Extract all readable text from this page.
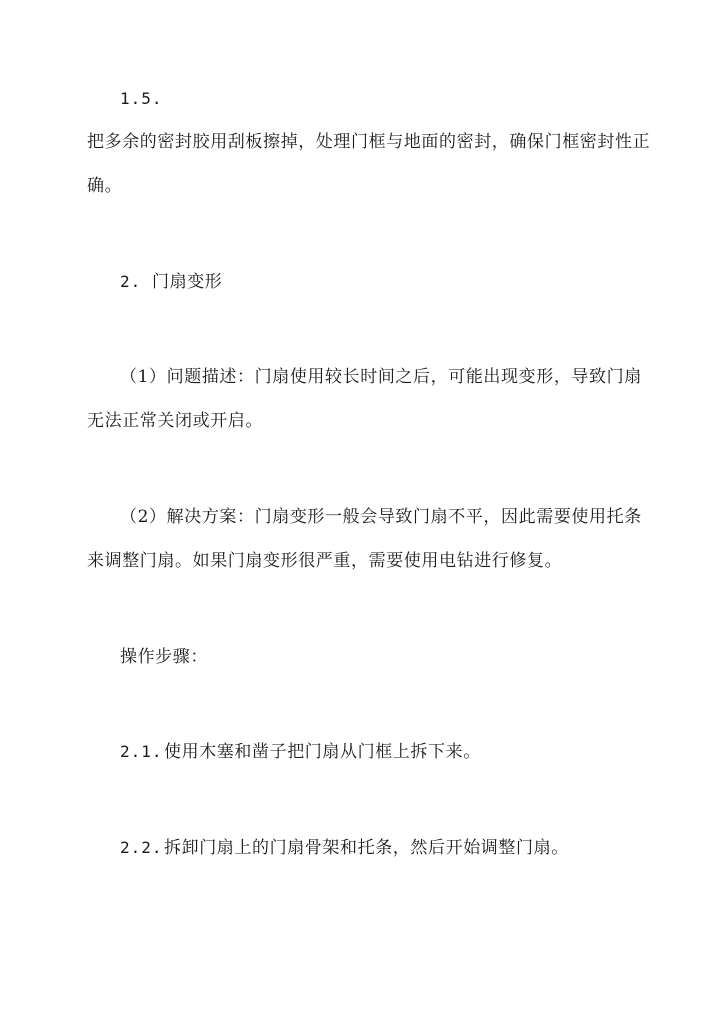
1.5.
把多余的密封胶用刮板擦掉，处理门框与地面的密封，确保门框密封性正
确。
2. 门扇变形
（1）问题描述：门扇使用较长时间之后，可能出现变形，导致门扇
无法正常关闭或开启。
（2）解决方案：门扇变形一般会导致门扇不平，因此需要使用托条
来调整门扇。如果门扇变形很严重，需要使用电钻进行修复。
操作步骤：
2.1. 使用木塞和凿子把门扇从门框上拆下来。
2.2. 拆卸门扇上的门扇骨架和托条，然后开始调整门扇。
